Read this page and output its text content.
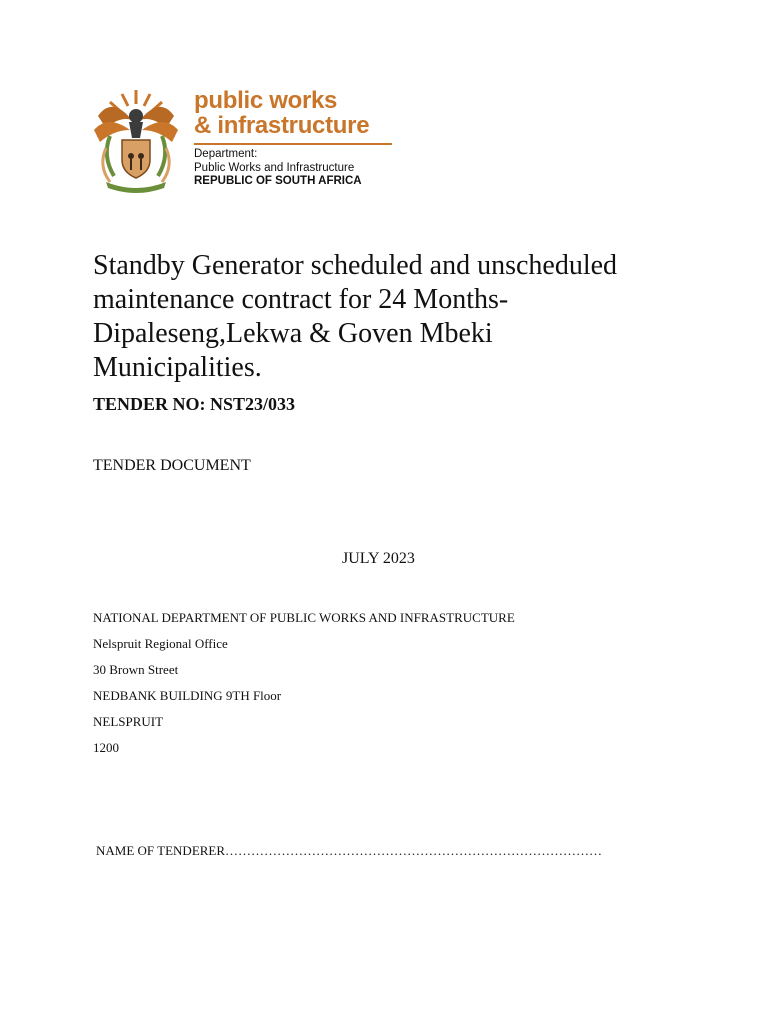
public works
& infrastructure
Department:
Public Works and Infrastructure
REPUBLIC OF SOUTH AFRICA
Standby Generator scheduled and unscheduled
maintenance contract for 24 Months-
Dipaleseng,Lekwa & Goven Mbeki
Municipalities.
TENDER NO: NST23/033
TENDER DOCUMENT
JULY 2023
NATIONAL DEPARTMENT OF PUBLIC WORKS AND INFRASTRUCTURE
Nelspruit Regional Office
30 Brown Street
NEDBANK BUILDING 9TH Floor
NELSPRUIT
1200
NAME OF TENDERER……………………………………………………………………………
